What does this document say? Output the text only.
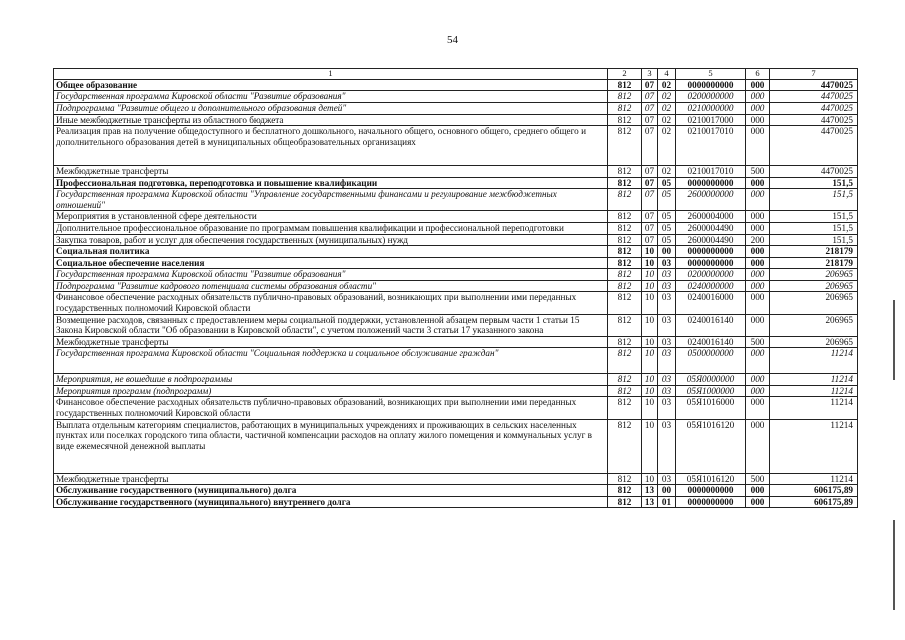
54
1	2	3	4	5	6	7
Общее образование	812	07	02	0000000000	000	4470025
Государственная программа Кировской области "Развитие образования"	812	07	02	0200000000	000	4470025
Подпрограмма "Развитие общего и дополнительного образования детей"	812	07	02	0210000000	000	4470025
Иные межбюджетные трансферты из областного бюджета	812	07	02	0210017000	000	4470025
Реализация прав на получение общедоступного и бесплатного дошкольного, начального общего, основного общего, среднего общего и дополнительного образования детей в муниципальных общеобразовательных организациях	812	07	02	0210017010	000	4470025
Межбюджетные трансферты	812	07	02	0210017010	500	4470025
Профессиональная подготовка, переподготовка и повышение квалификации	812	07	05	0000000000	000	151,5
Государственная программа Кировской области "Управление государственными финансами и регулирование межбюджетных отношений"	812	07	05	2600000000	000	151,5
Мероприятия в установленной сфере деятельности	812	07	05	2600004000	000	151,5
Дополнительное профессиональное образование по программам повышения квалификации и профессиональной переподготовки	812	07	05	2600004490	000	151,5
Закупка товаров, работ и услуг для обеспечения государственных (муниципальных) нужд	812	07	05	2600004490	200	151,5
Социальная политика	812	10	00	0000000000	000	218179
Социальное обеспечение населения	812	10	03	0000000000	000	218179
Государственная программа Кировской области "Развитие образования"	812	10	03	0200000000	000	206965
Подпрограмма "Развитие кадрового потенциала системы образования области"	812	10	03	0240000000	000	206965
Финансовое обеспечение расходных обязательств публично-правовых образований, возникающих при выполнении ими переданных государственных полномочий Кировской области	812	10	03	0240016000	000	206965
Возмещение расходов, связанных с предоставлением меры социальной поддержки, установленной абзацем первым части 1 статьи 15 Закона Кировской области "Об образовании в Кировской области", с учетом положений части 3 статьи 17 указанного закона	812	10	03	0240016140	000	206965
Межбюджетные трансферты	812	10	03	0240016140	500	206965
Государственная программа Кировской области "Социальная поддержка и социальное обслуживание граждан"	812	10	03	0500000000	000	11214
Мероприятия, не вошедшие в подпрограммы	812	10	03	05Я0000000	000	11214
Мероприятия программ (подпрограмм)	812	10	03	05Я1000000	000	11214
Финансовое обеспечение расходных обязательств публично-правовых образований, возникающих при выполнении ими переданных государственных полномочий Кировской области	812	10	03	05Я1016000	000	11214
Выплата отдельным категориям специалистов, работающих в муниципальных учреждениях и проживающих в сельских населенных пунктах или поселках городского типа области, частичной компенсации расходов на оплату жилого помещения и коммунальных услуг в виде ежемесячной денежной выплаты	812	10	03	05Я1016120	000	11214
Межбюджетные трансферты	812	10	03	05Я1016120	500	11214
Обслуживание государственного (муниципального) долга	812	13	00	0000000000	000	606175,89
Обслуживание государственного (муниципального) внутреннего долга	812	13	01	0000000000	000	606175,89
